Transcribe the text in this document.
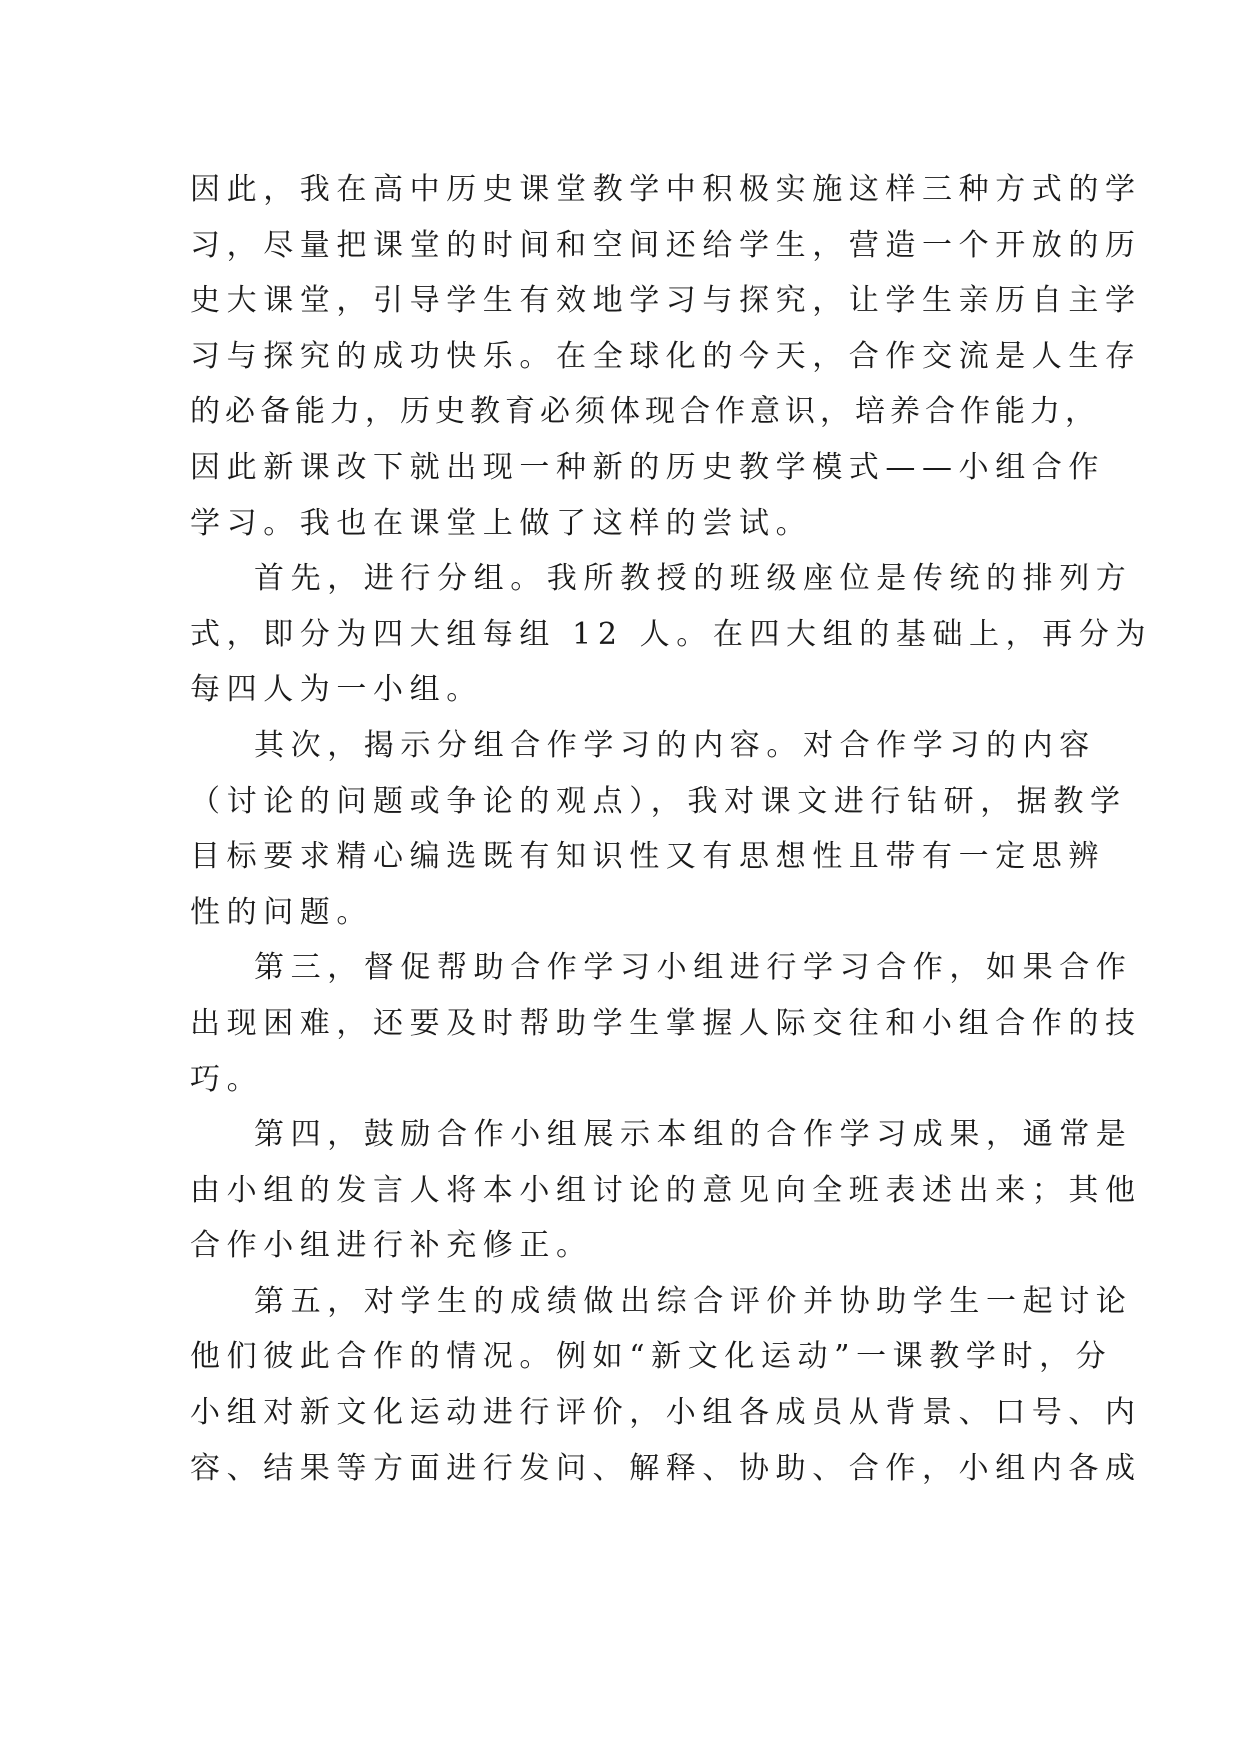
因此，我在高中历史课堂教学中积极实施这样三种方式的学
习，尽量把课堂的时间和空间还给学生，营造一个开放的历
史大课堂，引导学生有效地学习与探究，让学生亲历自主学
习与探究的成功快乐。在全球化的今天，合作交流是人生存
的必备能力，历史教育必须体现合作意识，培养合作能力，
因此新课改下就出现一种新的历史教学模式——小组合作
学习。我也在课堂上做了这样的尝试。
首先，进行分组。我所教授的班级座位是传统的排列方
式，即分为四大组每组 12 人。在四大组的基础上，再分为
每四人为一小组。
其次，揭示分组合作学习的内容。对合作学习的内容
（讨论的问题或争论的观点），我对课文进行钻研，据教学
目标要求精心编选既有知识性又有思想性且带有一定思辨
性的问题。
第三，督促帮助合作学习小组进行学习合作，如果合作
出现困难，还要及时帮助学生掌握人际交往和小组合作的技
巧。
第四，鼓励合作小组展示本组的合作学习成果，通常是
由小组的发言人将本小组讨论的意见向全班表述出来；其他
合作小组进行补充修正。
第五，对学生的成绩做出综合评价并协助学生一起讨论
他们彼此合作的情况。例如“新文化运动”一课教学时，分
小组对新文化运动进行评价，小组各成员从背景、口号、内
容、结果等方面进行发问、解释、协助、合作，小组内各成
